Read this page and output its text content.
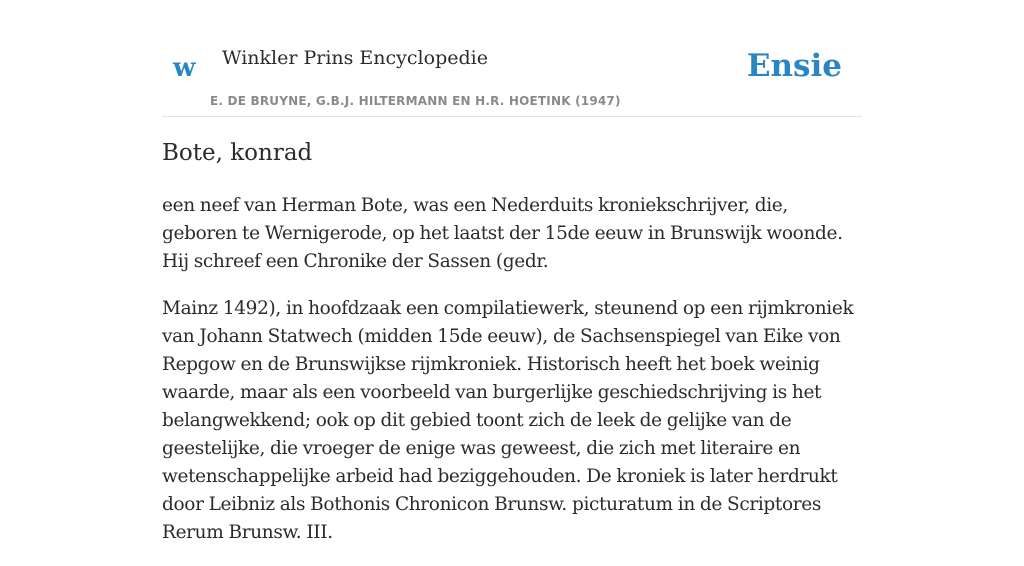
w Winkler Prins Encyclopedie
E. DE BRUYNE, G.B.J. HILTERMANN EN H.R. HOETINK (1947)
Ensie
Bote, konrad

een neef van Herman Bote, was een Nederduits kroniekschrijver, die, geboren te Wernigerode, op het laatst der 15de eeuw in Brunswijk woonde. Hij schreef een Chronike der Sassen (gedr.

Mainz 1492), in hoofdzaak een compilatiewerk, steunend op een rijmkroniek van Johann Statwech (midden 15de eeuw), de Sachsenspiegel van Eike von Repgow en de Brunswijkse rijmkroniek. Historisch heeft het boek weinig waarde, maar als een voorbeeld van burgerlijke geschiedschrijving is het belangwekkend; ook op dit gebied toont zich de leek de gelijke van de geestelijke, die vroeger de enige was geweest, die zich met literaire en wetenschappelijke arbeid had beziggehouden. De kroniek is later herdrukt door Leibniz als Bothonis Chronicon Brunsw. picturatum in de Scriptores Rerum Brunsw. III.
